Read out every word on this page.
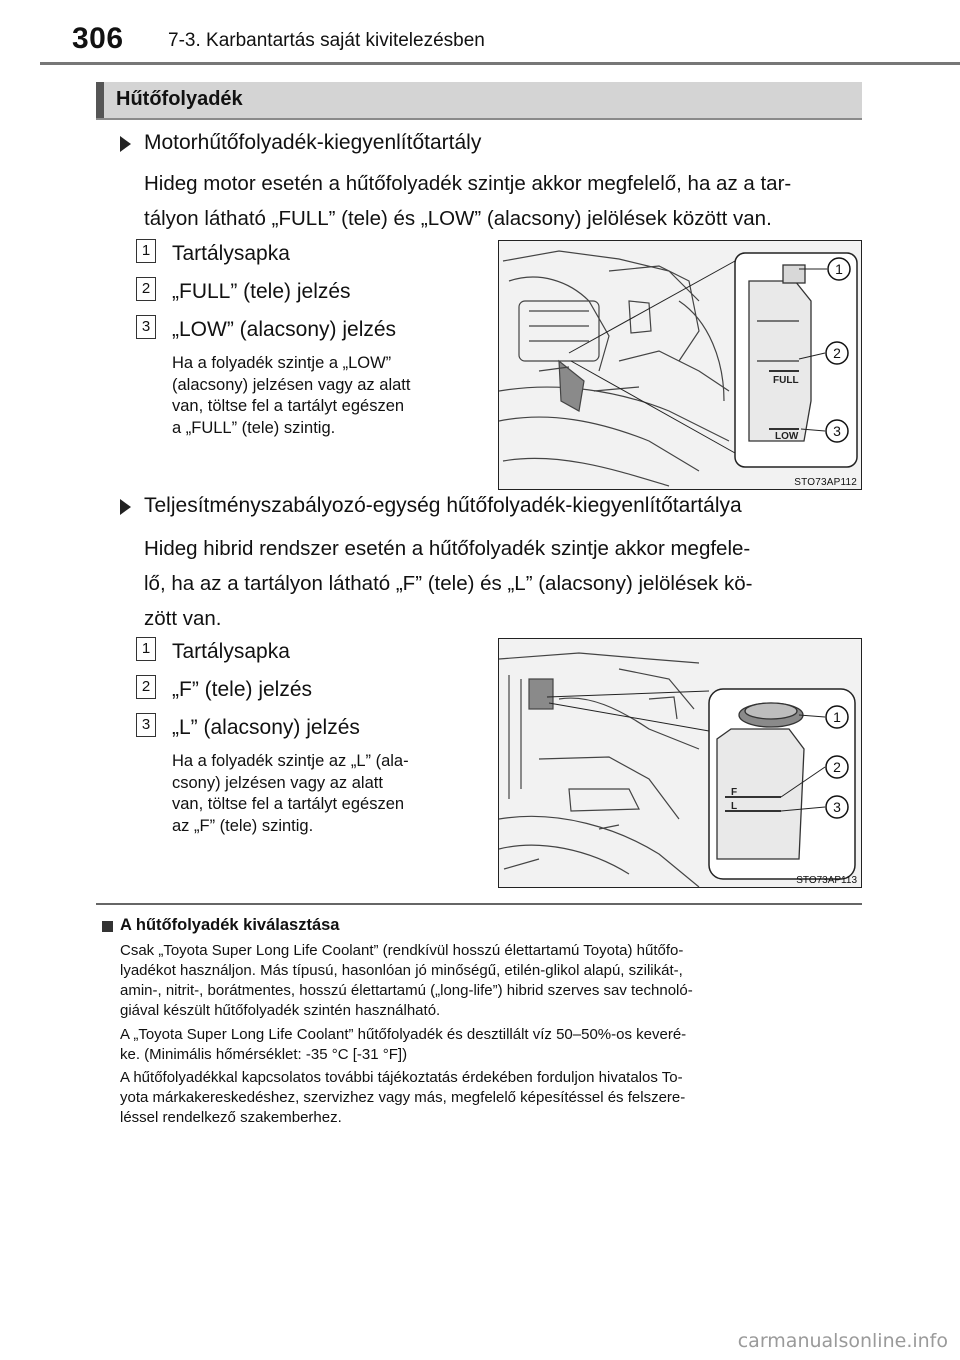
306 7-3. Karbantartás saját kivitelezésben
Hűtőfolyadék
Motorhűtőfolyadék-kiegyenlítőtartály
Hideg motor esetén a hűtőfolyadék szintje akkor megfelelő, ha az a tar-
tályon látható „FULL” (tele) és „LOW” (alacsony) jelölések között van.
1 Tartálysapka
2 „FULL” (tele) jelzés
3 „LOW” (alacsony) jelzés
Ha a folyadék szintje a „LOW”
(alacsony) jelzésen vagy az alatt
van, töltse fel a tartályt egészen
a „FULL” (tele) szintig.
FULL
LOW
1
2
3
STO73AP112
Teljesítményszabályozó-egység hűtőfolyadék-kiegyenlítőtartálya
Hideg hibrid rendszer esetén a hűtőfolyadék szintje akkor megfele-
lő, ha az a tartályon látható „F” (tele) és „L” (alacsony) jelölések kö-
zött van.
1 Tartálysapka
2 „F” (tele) jelzés
3 „L” (alacsony) jelzés
Ha a folyadék szintje az „L” (ala-
csony) jelzésen vagy az alatt
van, töltse fel a tartályt egészen
az „F” (tele) szintig.
F
L
1
2
3
STO73AP113
A hűtőfolyadék kiválasztása
Csak „Toyota Super Long Life Coolant” (rendkívül hosszú élettartamú Toyota) hűtőfo-
lyadékot használjon. Más típusú, hasonlóan jó minőségű, etilén-glikol alapú, szilikát-,
amin-, nitrit-, borátmentes, hosszú élettartamú („long-life”) hibrid szerves sav technoló-
giával készült hűtőfolyadék szintén használható.
A „Toyota Super Long Life Coolant” hűtőfolyadék és desztillált víz 50–50%-os keveré-
ke. (Minimális hőmérséklet: -35 °C [-31 °F])
A hűtőfolyadékkal kapcsolatos további tájékoztatás érdekében forduljon hivatalos To-
yota márkakereskedéshez, szervizhez vagy más, megfelelő képesítéssel és felszere-
léssel rendelkező szakemberhez.
carmanualsonline.info
